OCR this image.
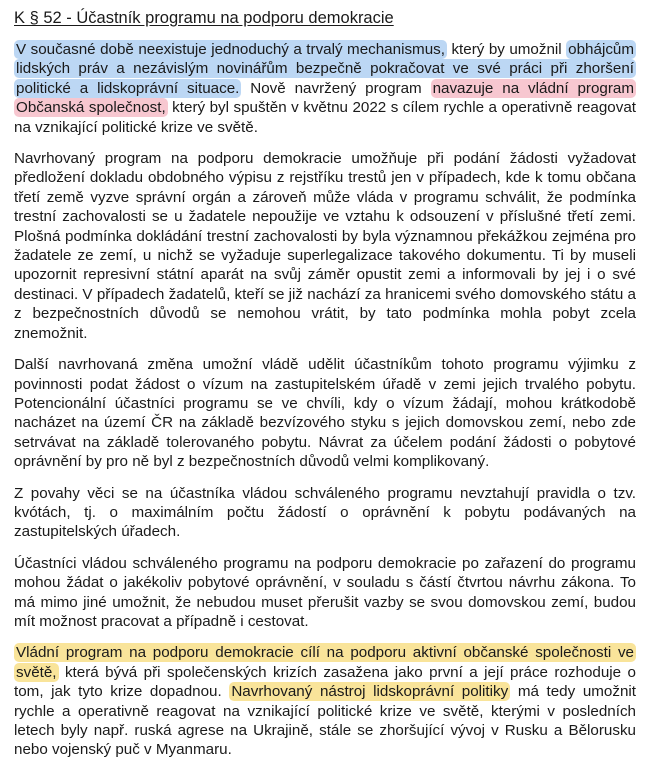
K § 52 - Účastník programu na podporu demokracie

V současné době neexistuje jednoduchý a trvalý mechanismus, který by umožnil obhájcům lidských práv a nezávislým novinářům bezpečně pokračovat ve své práci při zhoršení politické a lidskoprávní situace. Nově navržený program navazuje na vládní program Občanská společnost, který byl spuštěn v květnu 2022 s cílem rychle a operativně reagovat na vznikající politické krize ve světě.

Navrhovaný program na podporu demokracie umožňuje při podání žádosti vyžadovat předložení dokladu obdobného výpisu z rejstříku trestů jen v případech, kde k tomu občana třetí země vyzve správní orgán a zároveň může vláda v programu schválit, že podmínka trestní zachovalosti se u žadatele nepoužije ve vztahu k odsouzení v příslušné třetí zemi. Plošná podmínka dokládání trestní zachovalosti by byla významnou překážkou zejména pro žadatele ze zemí, u nichž se vyžaduje superlegalizace takového dokumentu. Ti by museli upozornit represivní státní aparát na svůj záměr opustit zemi a informovali by jej i o své destinaci. V případech žadatelů, kteří se již nachází za hranicemi svého domovského státu a z bezpečnostních důvodů se nemohou vrátit, by tato podmínka mohla pobyt zcela znemožnit.

Další navrhovaná změna umožní vládě udělit účastníkům tohoto programu výjimku z povinnosti podat žádost o vízum na zastupitelském úřadě v zemi jejich trvalého pobytu. Potencionální účastníci programu se ve chvíli, kdy o vízum žádají, mohou krátkodobě nacházet na území ČR na základě bezvízového styku s jejich domovskou zemí, nebo zde setrvávat na základě tolerovaného pobytu. Návrat za účelem podání žádosti o pobytové oprávnění by pro ně byl z bezpečnostních důvodů velmi komplikovaný.

Z povahy věci se na účastníka vládou schváleného programu nevztahují pravidla o tzv. kvótách, tj. o maximálním počtu žádostí o oprávnění k pobytu podávaných na zastupitelských úřadech.

Účastníci vládou schváleného programu na podporu demokracie po zařazení do programu mohou žádat o jakékoliv pobytové oprávnění, v souladu s částí čtvrtou návrhu zákona. To má mimo jiné umožnit, že nebudou muset přerušit vazby se svou domovskou zemí, budou mít možnost pracovat a případně i cestovat.

Vládní program na podporu demokracie cílí na podporu aktivní občanské společnosti ve světě, která bývá při společenských krizích zasažena jako první a její práce rozhoduje o tom, jak tyto krize dopadnou. Navrhovaný nástroj lidskoprávní politiky má tedy umožnit rychle a operativně reagovat na vznikající politické krize ve světě, kterými v posledních letech byly např. ruská agrese na Ukrajině, stále se zhoršující vývoj v Rusku a Bělorusku nebo vojenský puč v Myanmaru.
